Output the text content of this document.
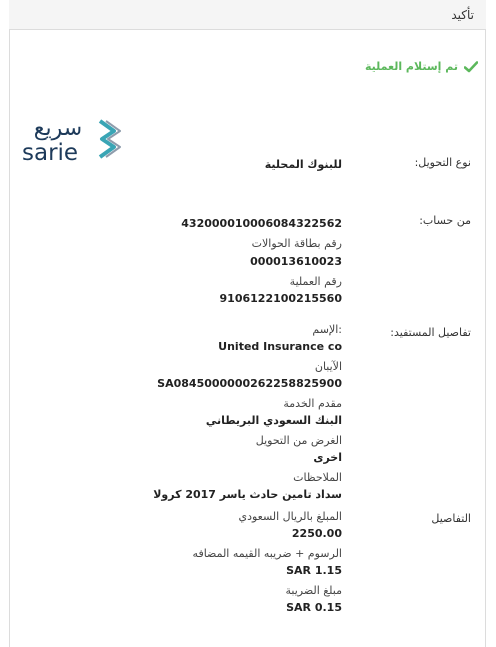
تأكيد
تم إستلام العملية
سريع
sarie	نوع التحويل:
للبنوك المحلية
من حساب:
432000010006084322562
رقم بطاقة الحوالات
000013610023
رقم العملية
9106122100215560
تفاصيل المستفيد:
الإسم:
United Insurance co
الآيبان
SA0845000000262258825900
مقدم الخدمة
البنك السعودي البريطاني
الغرض من التحويل
اخرى
الملاحظات
سداد تامين حادث ياسر 2017 كرولا
التفاصيل
المبلغ بالريال السعودي
2250.00
الرسوم + ضريبه القيمه المضافه
SAR 1.15
مبلغ الضريبة
SAR 0.15
